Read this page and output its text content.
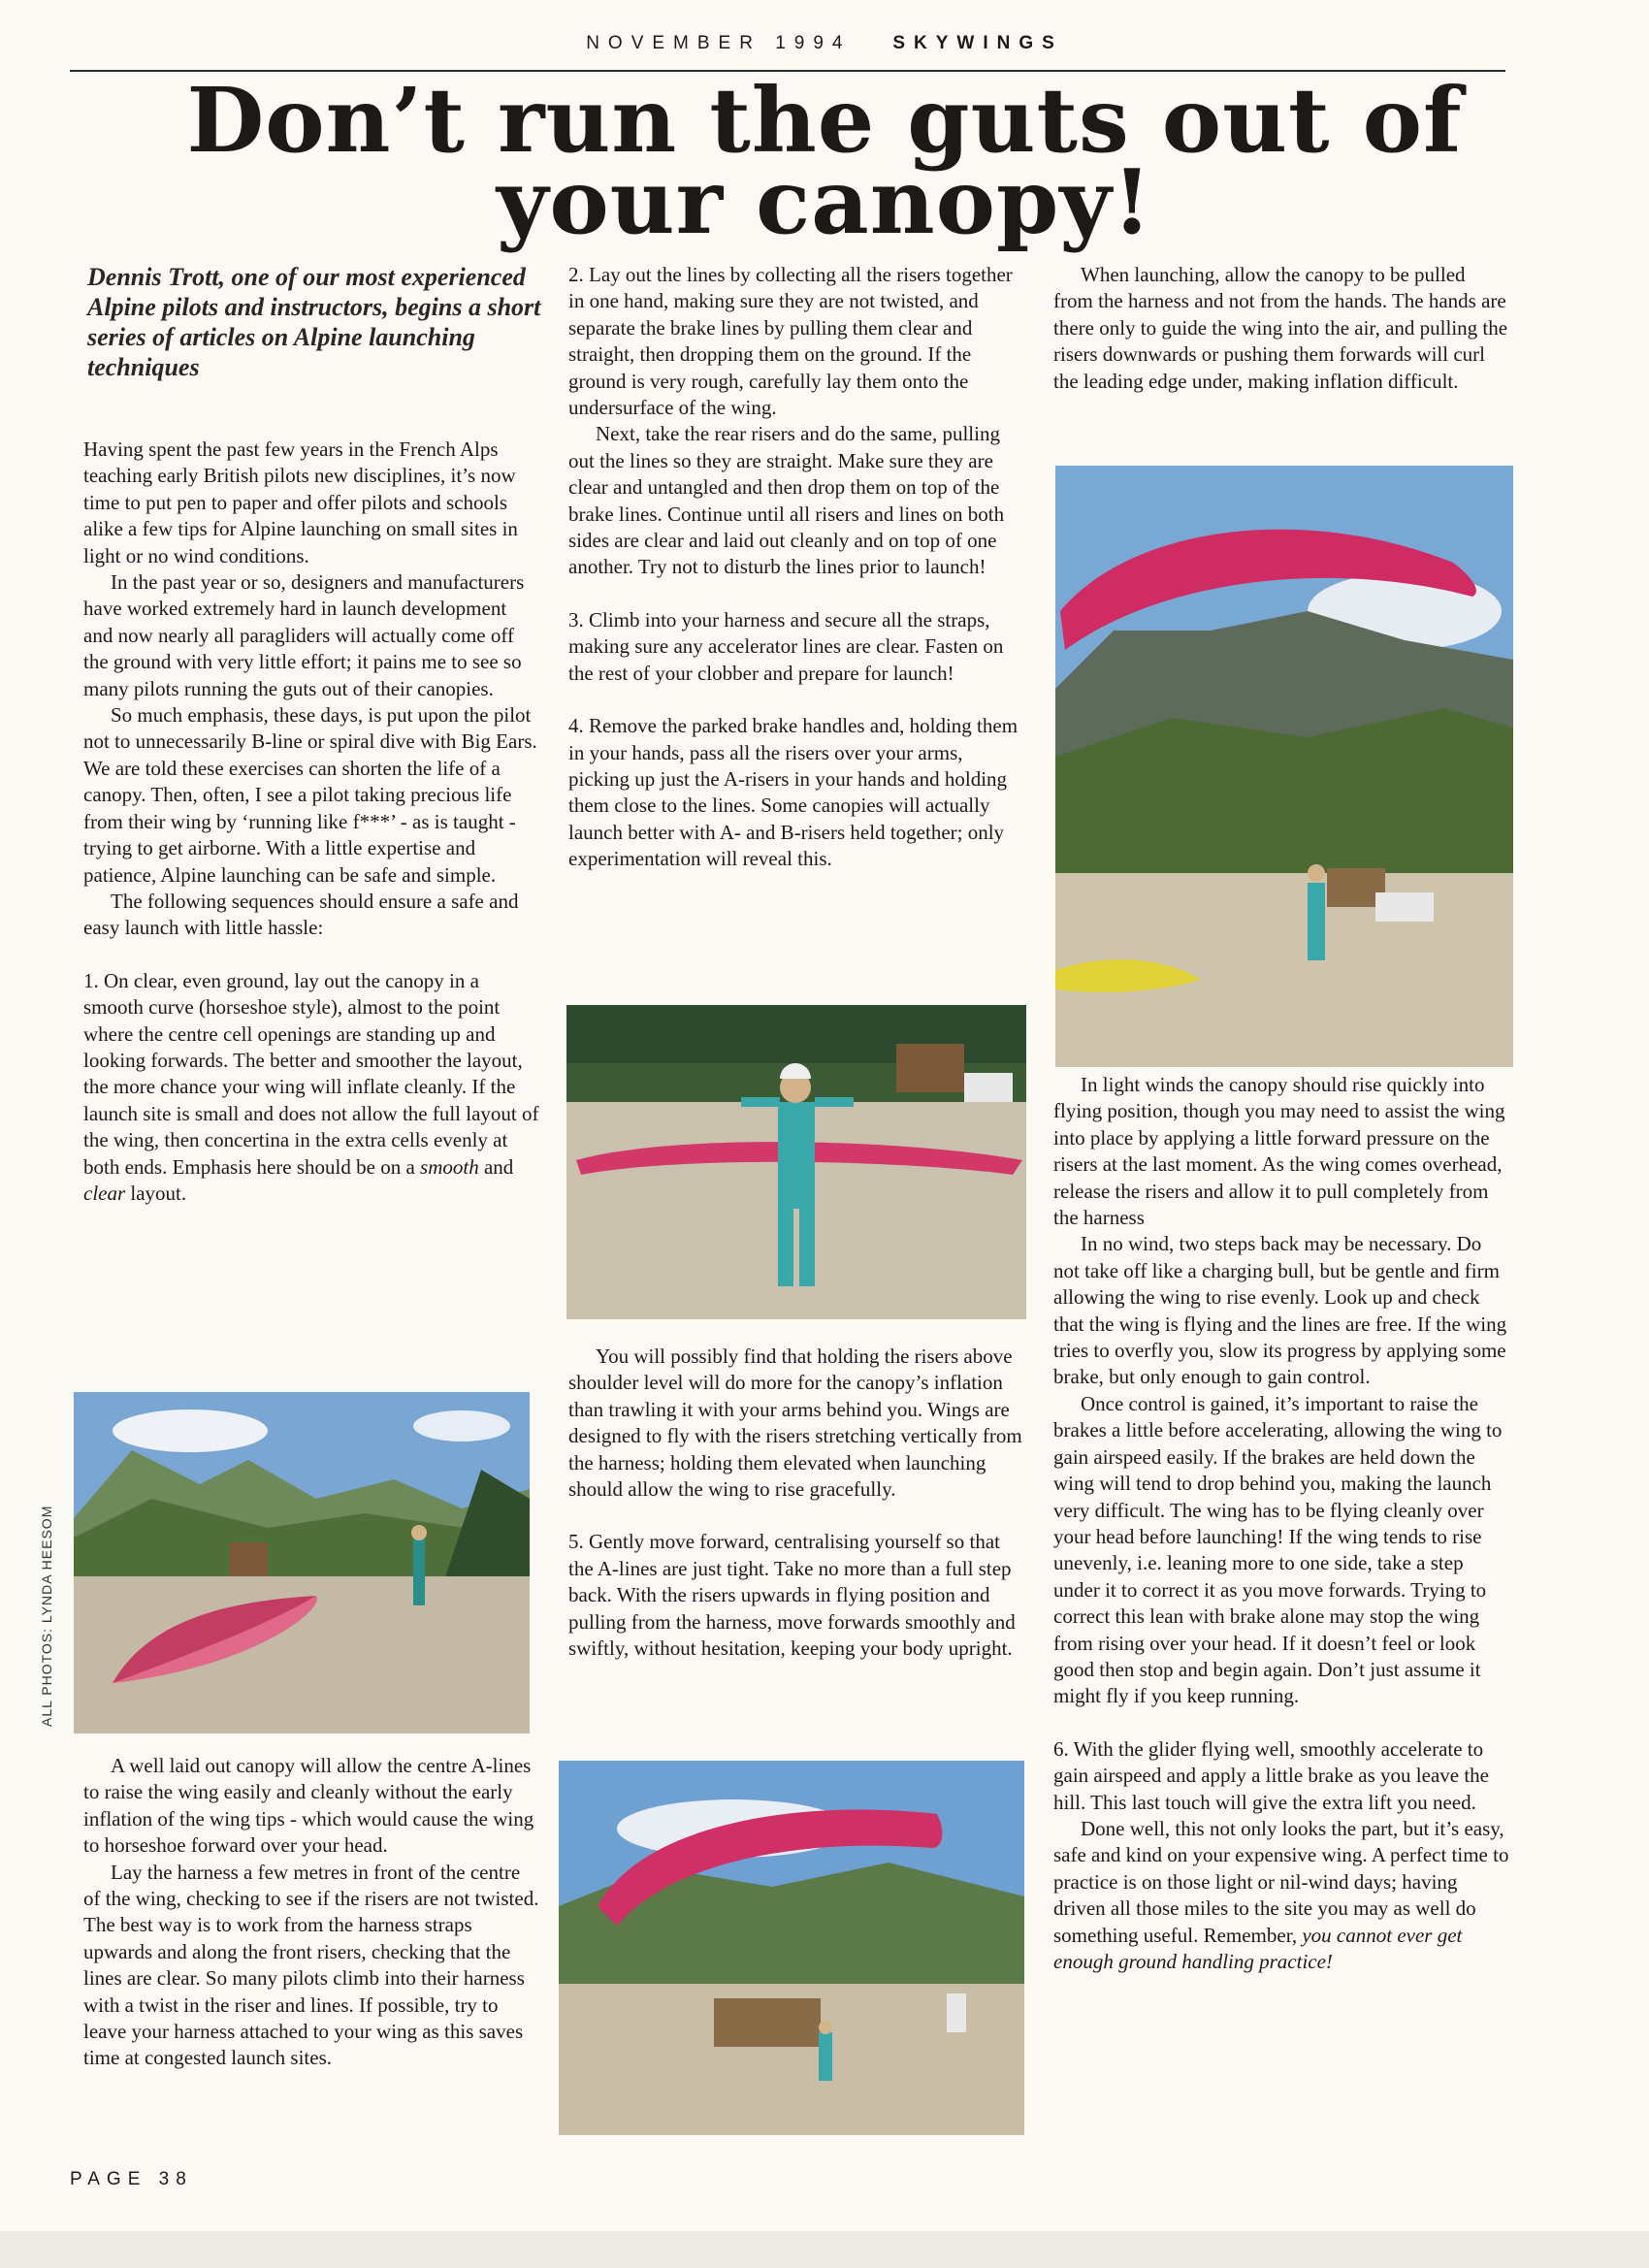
NOVEMBER 1994 SKYWINGS
Don’t run the guts out of your canopy!
Dennis Trott, one of our most experienced Alpine pilots and instructors, begins a short series of articles on Alpine launching techniques

Having spent the past few years in the French Alps teaching early British pilots new disciplines, it’s now time to put pen to paper and offer pilots and schools alike a few tips for Alpine launching on small sites in light or no wind conditions.

In the past year or so, designers and manufacturers have worked extremely hard in launch development and now nearly all paragliders will actually come off the ground with very little effort; it pains me to see so many pilots running the guts out of their canopies.

So much emphasis, these days, is put upon the pilot not to unnecessarily B-line or spiral dive with Big Ears. We are told these exercises can shorten the life of a canopy. Then, often, I see a pilot taking precious life from their wing by ‘running like f***’ - as is taught - trying to get airborne. With a little expertise and patience, Alpine launching can be safe and simple.

The following sequences should ensure a safe and easy launch with little hassle:

1. On clear, even ground, lay out the canopy in a smooth curve (horseshoe style), almost to the point where the centre cell openings are standing up and looking forwards. The better and smoother the layout, the more chance your wing will inflate cleanly. If the launch site is small and does not allow the full layout of the wing, then concertina in the extra cells evenly at both ends. Emphasis here should be on a smooth and clear layout.

ALL PHOTOS: LYNDA HEESOM

A well laid out canopy will allow the centre A-lines to raise the wing easily and cleanly without the early inflation of the wing tips - which would cause the wing to horseshoe forward over your head.

Lay the harness a few metres in front of the centre of the wing, checking to see if the risers are not twisted. The best way is to work from the harness straps upwards and along the front risers, checking that the lines are clear. So many pilots climb into their harness with a twist in the riser and lines. If possible, try to leave your harness attached to your wing as this saves time at congested launch sites.

2. Lay out the lines by collecting all the risers together in one hand, making sure they are not twisted, and separate the brake lines by pulling them clear and straight, then dropping them on the ground. If the ground is very rough, carefully lay them onto the undersurface of the wing.

Next, take the rear risers and do the same, pulling out the lines so they are straight. Make sure they are clear and untangled and then drop them on top of the brake lines. Continue until all risers and lines on both sides are clear and laid out cleanly and on top of one another. Try not to disturb the lines prior to launch!

3. Climb into your harness and secure all the straps, making sure any accelerator lines are clear. Fasten on the rest of your clobber and prepare for launch!

4. Remove the parked brake handles and, holding them in your hands, pass all the risers over your arms, picking up just the A-risers in your hands and holding them close to the lines. Some canopies will actually launch better with A- and B-risers held together; only experimentation will reveal this.

You will possibly find that holding the risers above shoulder level will do more for the canopy’s inflation than trawling it with your arms behind you. Wings are designed to fly with the risers stretching vertically from the harness; holding them elevated when launching should allow the wing to rise gracefully.

5. Gently move forward, centralising yourself so that the A-lines are just tight. Take no more than a full step back. With the risers upwards in flying position and pulling from the harness, move forwards smoothly and swiftly, without hesitation, keeping your body upright.

When launching, allow the canopy to be pulled from the harness and not from the hands. The hands are there only to guide the wing into the air, and pulling the risers downwards or pushing them forwards will curl the leading edge under, making inflation difficult.

In light winds the canopy should rise quickly into flying position, though you may need to assist the wing into place by applying a little forward pressure on the risers at the last moment. As the wing comes overhead, release the risers and allow it to pull completely from the harness

In no wind, two steps back may be necessary. Do not take off like a charging bull, but be gentle and firm allowing the wing to rise evenly. Look up and check that the wing is flying and the lines are free. If the wing tries to overfly you, slow its progress by applying some brake, but only enough to gain control.

Once control is gained, it’s important to raise the brakes a little before accelerating, allowing the wing to gain airspeed easily. If the brakes are held down the wing will tend to drop behind you, making the launch very difficult. The wing has to be flying cleanly over your head before launching! If the wing tends to rise unevenly, i.e. leaning more to one side, take a step under it to correct it as you move forwards. Trying to correct this lean with brake alone may stop the wing from rising over your head. If it doesn’t feel or look good then stop and begin again. Don’t just assume it might fly if you keep running.

6. With the glider flying well, smoothly accelerate to gain airspeed and apply a little brake as you leave the hill. This last touch will give the extra lift you need.

Done well, this not only looks the part, but it’s easy, safe and kind on your expensive wing. A perfect time to practice is on those light or nil-wind days; having driven all those miles to the site you may as well do something useful. Remember, you cannot ever get enough ground handling practice!

PAGE 38
